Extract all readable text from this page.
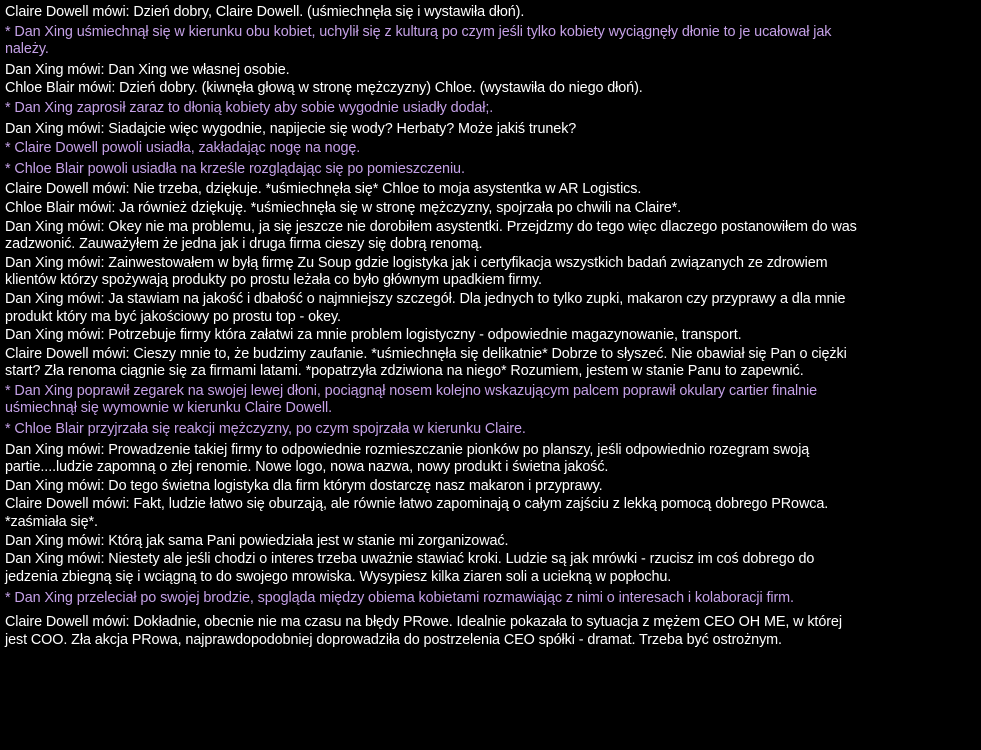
Claire Dowell mówi: Dzień dobry, Claire Dowell. (uśmiechnęła się i wystawiła dłoń).

* Dan Xing uśmiechnął się w kierunku obu kobiet, uchylił się z kulturą po czym jeśli tylko kobiety wyciągnęły dłonie to je ucałował jak należy.

Dan Xing mówi: Dan Xing we własnej osobie.

Chloe Blair mówi: Dzień dobry. (kiwnęła głową w stronę mężczyzny) Chloe. (wystawiła do niego dłoń).

* Dan Xing zaprosił zaraz to dłonią kobiety aby sobie wygodnie usiadły dodał;.

Dan Xing mówi: Siadajcie więc wygodnie, napijecie się wody? Herbaty? Może jakiś trunek?

* Claire Dowell powoli usiadła, zakładając nogę na nogę.

* Chloe Blair powoli usiadła na krześle rozglądając się po pomieszczeniu.

Claire Dowell mówi: Nie trzeba, dziękuje. *uśmiechnęła się* Chloe to moja asystentka w AR Logistics.

Chloe Blair mówi: Ja również dziękuję. *uśmiechnęła się w stronę mężczyzny, spojrzała po chwili na Claire*.

Dan Xing mówi: Okey nie ma problemu, ja się jeszcze nie dorobiłem asystentki. Przejdzmy do tego więc dlaczego postanowiłem do was zadzwonić. Zauważyłem że jedna jak i druga firma cieszy się dobrą renomą.

Dan Xing mówi: Zainwestowałem w byłą firmę Zu Soup gdzie logistyka jak i certyfikacja wszystkich badań związanych ze zdrowiem klientów którzy spożywają produkty po prostu leżała co było głównym upadkiem firmy.

Dan Xing mówi: Ja stawiam na jakość i dbałość o najmniejszy szczegół. Dla jednych to tylko zupki, makaron czy przyprawy a dla mnie produkt który ma być jakościowy po prostu top - okey.

Dan Xing mówi: Potrzebuje firmy która załatwi za mnie problem logistyczny - odpowiednie magazynowanie, transport.

Claire Dowell mówi: Cieszy mnie to, że budzimy zaufanie. *uśmiechnęła się delikatnie* Dobrze to słyszeć. Nie obawiał się Pan o ciężki start? Zła renoma ciągnie się za firmami latami. *popatrzyła zdziwiona na niego* Rozumiem, jestem w stanie Panu to zapewnić.

* Dan Xing poprawił zegarek na swojej lewej dłoni, pociągnął nosem kolejno wskazującym palcem poprawił okulary cartier finalnie uśmiechnął się wymownie w kierunku Claire Dowell.

* Chloe Blair przyjrzała się reakcji mężczyzny, po czym spojrzała w kierunku Claire.

Dan Xing mówi: Prowadzenie takiej firmy to odpowiednie rozmieszczanie pionków po planszy, jeśli odpowiednio rozegram swoją partie....ludzie zapomną o złej renomie. Nowe logo, nowa nazwa, nowy produkt i świetna jakość.

Dan Xing mówi: Do tego świetna logistyka dla firm którym dostarczę nasz makaron i przyprawy.

Claire Dowell mówi: Fakt, ludzie łatwo się oburzają, ale równie łatwo zapominają o całym zajściu z lekką pomocą dobrego PRowca. *zaśmiała się*.

Dan Xing mówi: Którą jak sama Pani powiedziała jest w stanie mi zorganizować.

Dan Xing mówi: Niestety ale jeśli chodzi o interes trzeba uważnie stawiać kroki. Ludzie są jak mrówki - rzucisz im coś dobrego do jedzenia zbiegną się i wciągną to do swojego mrowiska. Wysypiesz kilka ziaren soli a uciekną w popłochu.

* Dan Xing przeleciał po swojej brodzie, spogląda między obiema kobietami rozmawiając z nimi o interesach i kolaboracji firm.

Claire Dowell mówi: Dokładnie, obecnie nie ma czasu na błędy PRowe. Idealnie pokazała to sytuacja z mężem CEO OH ME, w której jest COO. Zła akcja PRowa, najprawdopodobniej doprowadziła do postrzelenia CEO spółki - dramat. Trzeba być ostrożnym.
